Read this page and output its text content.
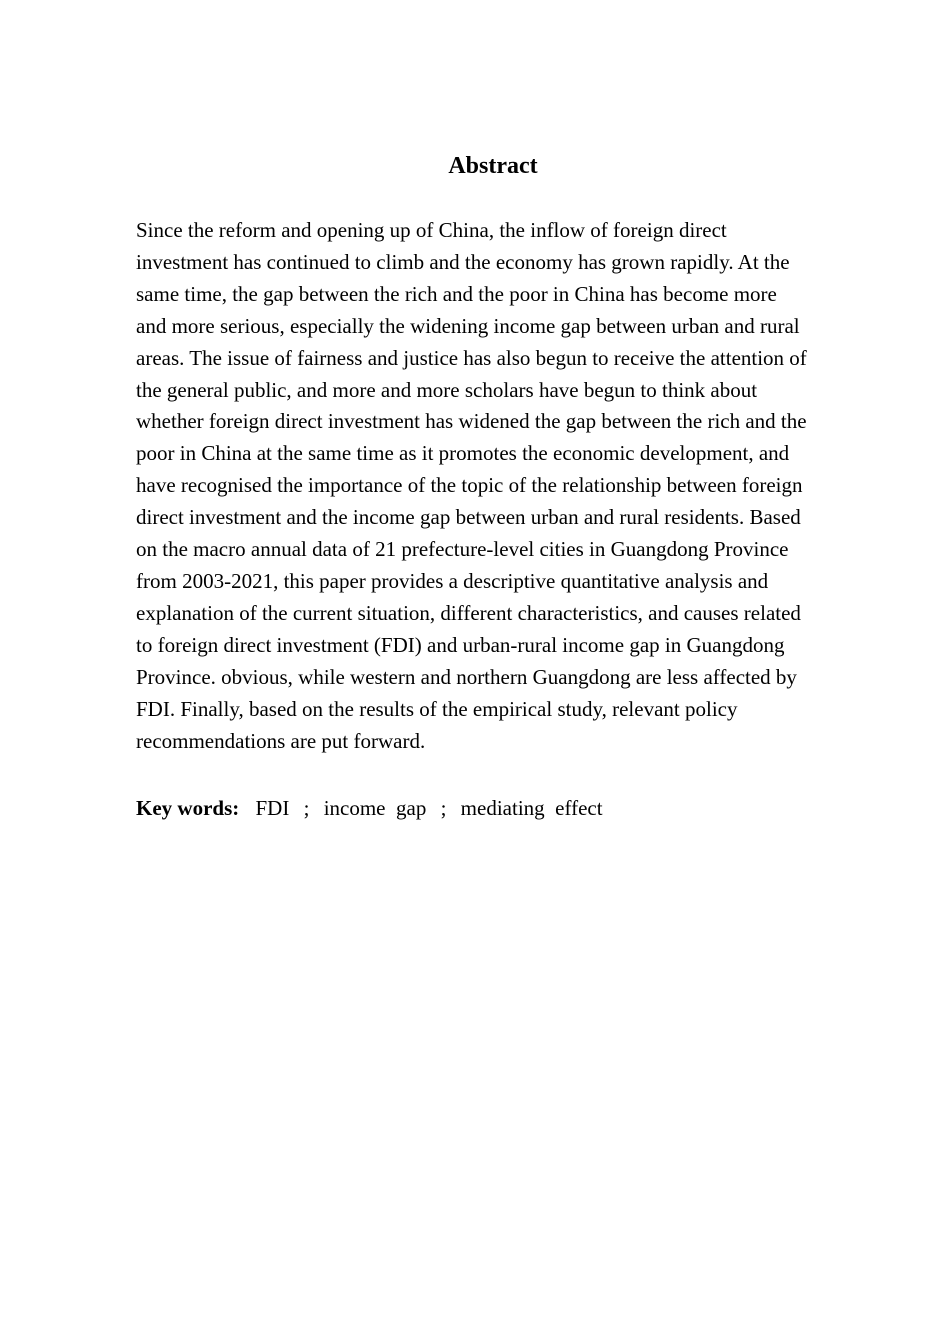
Abstract
Since the reform and opening up of China, the inflow of foreign direct
investment has continued to climb and the economy has grown rapidly. At the
same time, the gap between the rich and the poor in China has become more
and more serious, especially the widening income gap between urban and rural
areas. The issue of fairness and justice has also begun to receive the attention of
the general public, and more and more scholars have begun to think about
whether foreign direct investment has widened the gap between the rich and the
poor in China at the same time as it promotes the economic development, and
have recognised the importance of the topic of the relationship between foreign
direct investment and the income gap between urban and rural residents. Based
on the macro annual data of 21 prefecture-level cities in Guangdong Province
from 2003-2021, this paper provides a descriptive quantitative analysis and
explanation of the current situation, different characteristics, and causes related
to foreign direct investment (FDI) and urban-rural income gap in Guangdong
Province. obvious, while western and northern Guangdong are less affected by
FDI. Finally, based on the results of the empirical study, relevant policy
recommendations are put forward.

Key words: FDI ; income  gap ; mediating  effect
